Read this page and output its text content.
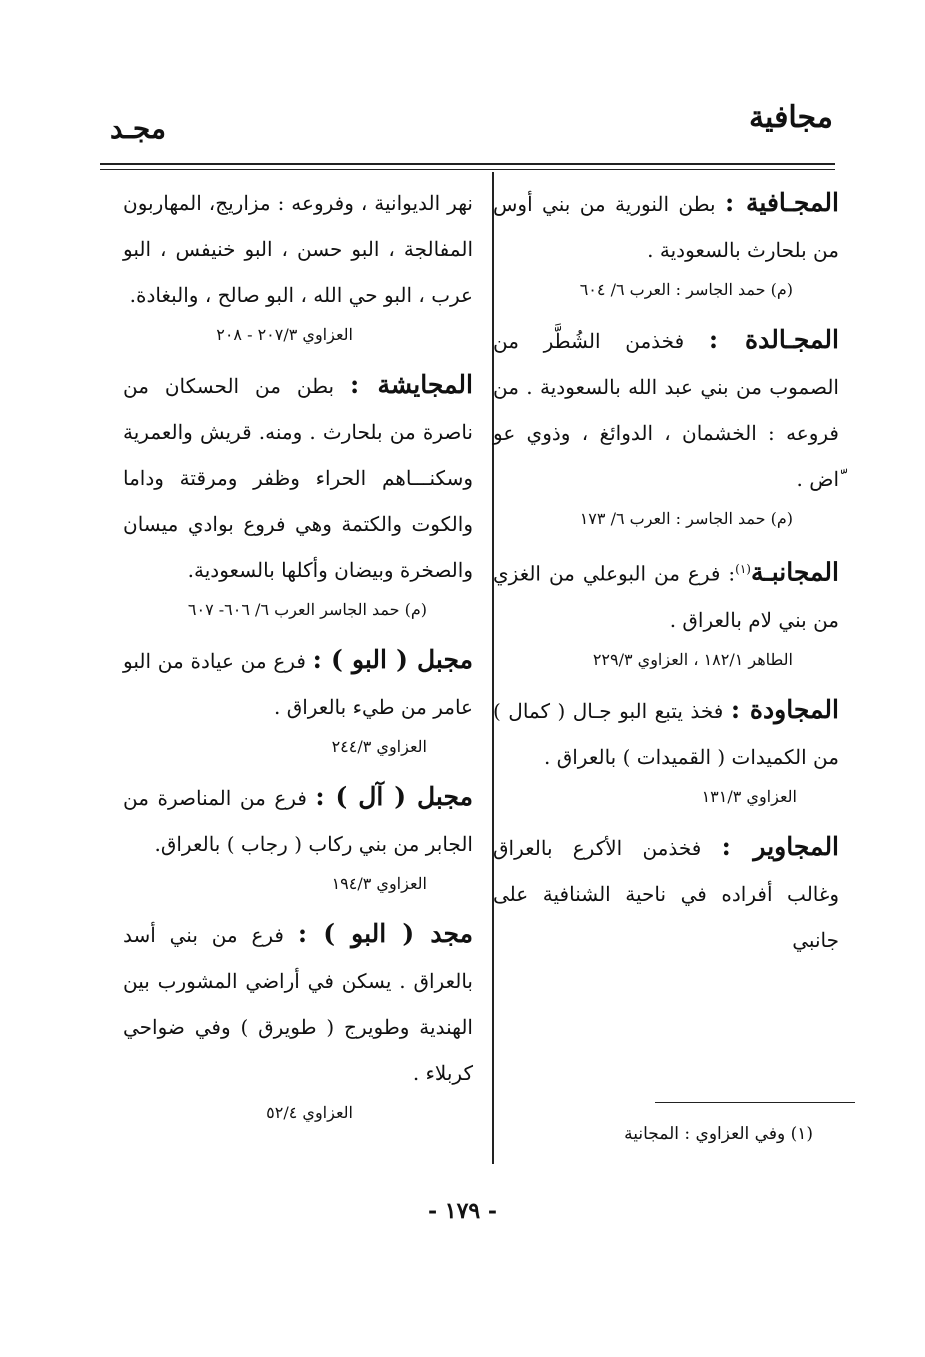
مجافية
مجـد

المجـافية : بطن النورية من بني أوس من بلحارث بالسعودية .

(م) حمد الجاسر : العرب ٦/ ٦٠٤

المجـالدة : فخذمن الشُطَّر من الصموب من بني عبد الله بالسعودية . من فروعه : الخشمان ، الدوائغ ، وذوي عو ّاض .

(م) حمد الجاسر : العرب ٦/ ١٧٣

المجانبـة$^{(١)}$: فرع من البوعلي من الغزي من بني لام بالعراق .

الطاهر ١٨٢/١ ، العزاوي ٢٢٩/٣

المجاودة : فخذ يتبع البو جـال ( كمال ) من الكميدات ( القميدات ) بالعراق .

العزاوي ١٣١/٣

المجاوير : فخذمن الأكرع بالعراق وغالب أفراده في ناحية الشنافية على جانبي

نهر الديوانية ، وفروعه : مزاريج، المهاربون المفالجة ، البو حسن ، البو خنيفس ، البو عرب ، البو حي الله ، البو صالح ، والبغادة.

العزاوي ٢٠٧/٣ - ٢٠٨

المجايشة : بطن من الحسكان من ناصرة من بلحارث . ومنه. قريش والعمرية وسكنـــاهم الحراء وظفر ومرقتة وداما والكوت والكتمة وهي فروع بوادي ميسان والصخرة وبيضان وأكلها بالسعودية.

(م) حمد الجاسر العرب ٦/ ٦٠٦- ٦٠٧

مجبل ( البو ) : فرع من عيادة من البو عامر من طيء بالعراق .

العزاوي ٢٤٤/٣

مجبل ( آل ) : فرع من المناصرة من الجابر من بني ركاب ( رجاب ) بالعراق.

العزاوي ١٩٤/٣

مجد ( البو ) : فرع من بني أسد بالعراق . يسكن في أراضي المشورب بين الهندية وطويرج ( طويرق ) وفي ضواحي كربلاء .

العزاوي ٥٢/٤

(١) وفي العزاوي : المجانية
- ١٧٩ -
